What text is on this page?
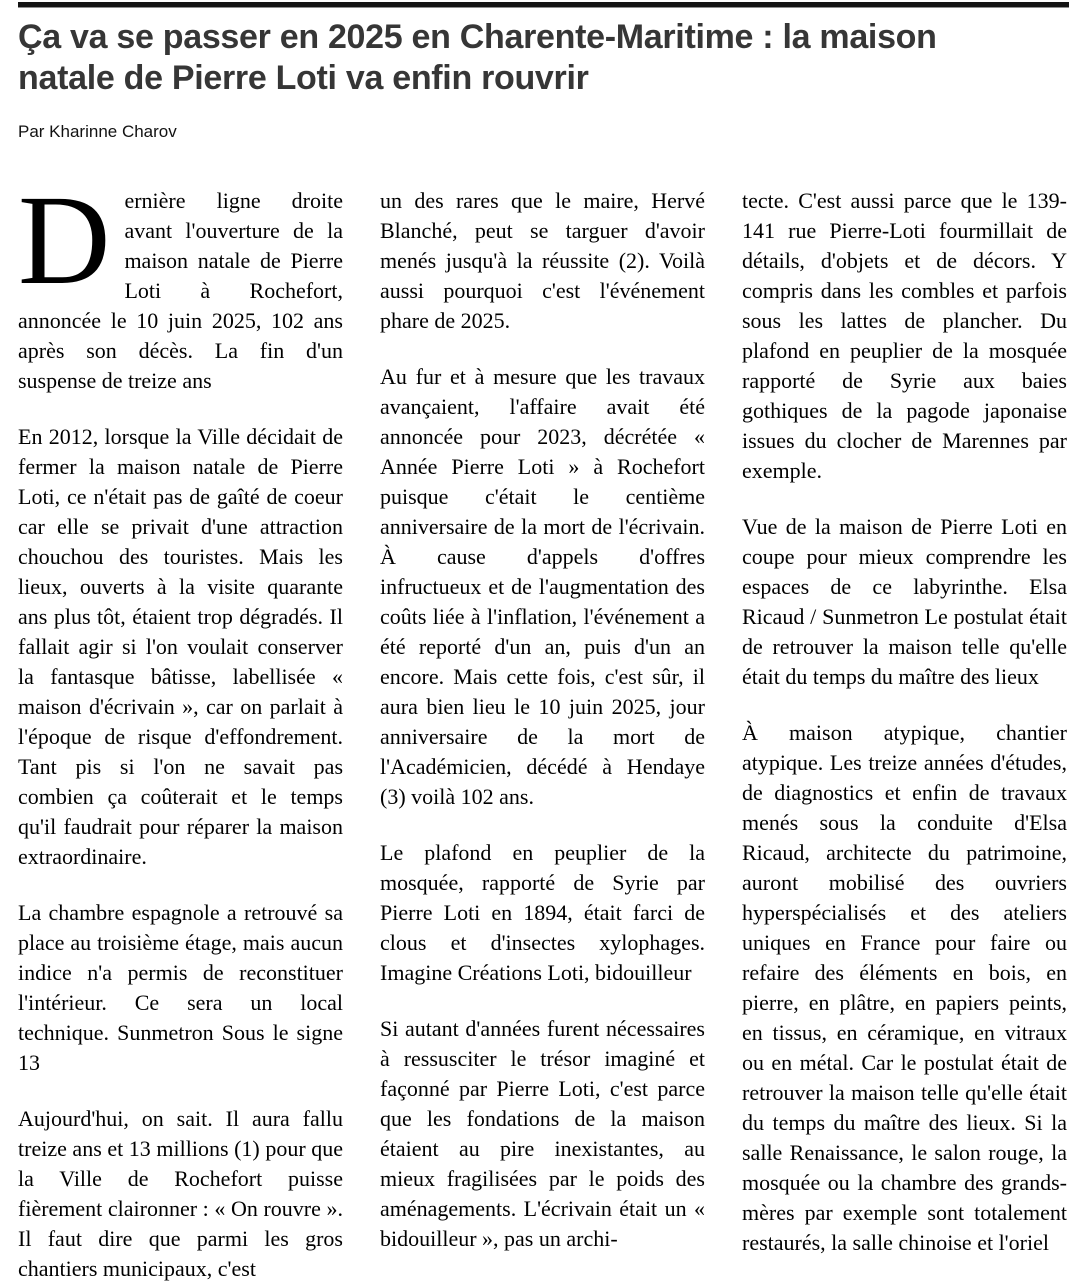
Ça va se passer en 2025 en Charente-Maritime : la maison natale de Pierre Loti va enfin rouvrir
Par Kharinne Charov

Dernière ligne droite avant l'ouverture de la maison natale de Pierre Loti à Rochefort, annoncée le 10 juin 2025, 102 ans après son décès. La fin d'un suspense de treize ans

En 2012, lorsque la Ville décidait de fermer la maison natale de Pierre Loti, ce n'était pas de gaîté de coeur car elle se privait d'une attraction chouchou des touristes. Mais les lieux, ouverts à la visite quarante ans plus tôt, étaient trop dégradés. Il fallait agir si l'on voulait conserver la fantasque bâtisse, labellisée « maison d'écrivain », car on parlait à l'époque de risque d'effondrement. Tant pis si l'on ne savait pas combien ça coûterait et le temps qu'il faudrait pour réparer la maison extraordinaire.

La chambre espagnole a retrouvé sa place au troisième étage, mais aucun indice n'a permis de reconstituer l'intérieur. Ce sera un local technique. Sunmetron Sous le signe 13

Aujourd'hui, on sait. Il aura fallu treize ans et 13 millions (1) pour que la Ville de Rochefort puisse fièrement claironner : « On rouvre ». Il faut dire que parmi les gros chantiers municipaux, c'est

un des rares que le maire, Hervé Blanché, peut se targuer d'avoir menés jusqu'à la réussite (2). Voilà aussi pourquoi c'est l'événement phare de 2025.

Au fur et à mesure que les travaux avançaient, l'affaire avait été annoncée pour 2023, décrétée « Année Pierre Loti » à Rochefort puisque c'était le centième anniversaire de la mort de l'écrivain. À cause d'appels d'offres infructueux et de l'augmentation des coûts liée à l'inflation, l'événement a été reporté d'un an, puis d'un an encore. Mais cette fois, c'est sûr, il aura bien lieu le 10 juin 2025, jour anniversaire de la mort de l'Académicien, décédé à Hendaye (3) voilà 102 ans.

Le plafond en peuplier de la mosquée, rapporté de Syrie par Pierre Loti en 1894, était farci de clous et d'insectes xylophages. Imagine Créations Loti, bidouilleur

Si autant d'années furent nécessaires à ressusciter le trésor imaginé et façonné par Pierre Loti, c'est parce que les fondations de la maison étaient au pire inexistantes, au mieux fragilisées par le poids des aménagements. L'écrivain était un « bidouilleur », pas un archi-

tecte. C'est aussi parce que le 139-141 rue Pierre-Loti fourmillait de détails, d'objets et de décors. Y compris dans les combles et parfois sous les lattes de plancher. Du plafond en peuplier de la mosquée rapporté de Syrie aux baies gothiques de la pagode japonaise issues du clocher de Marennes par exemple.

Vue de la maison de Pierre Loti en coupe pour mieux comprendre les espaces de ce labyrinthe. Elsa Ricaud / Sunmetron Le postulat était de retrouver la maison telle qu'elle était du temps du maître des lieux

À maison atypique, chantier atypique. Les treize années d'études, de diagnostics et enfin de travaux menés sous la conduite d'Elsa Ricaud, architecte du patrimoine, auront mobilisé des ouvriers hyperspécialisés et des ateliers uniques en France pour faire ou refaire des éléments en bois, en pierre, en plâtre, en papiers peints, en tissus, en céramique, en vitraux ou en métal. Car le postulat était de retrouver la maison telle qu'elle était du temps du maître des lieux. Si la salle Renaissance, le salon rouge, la mosquée ou la chambre des grands-mères par exemple sont totalement restaurés, la salle chinoise et l'oriel
